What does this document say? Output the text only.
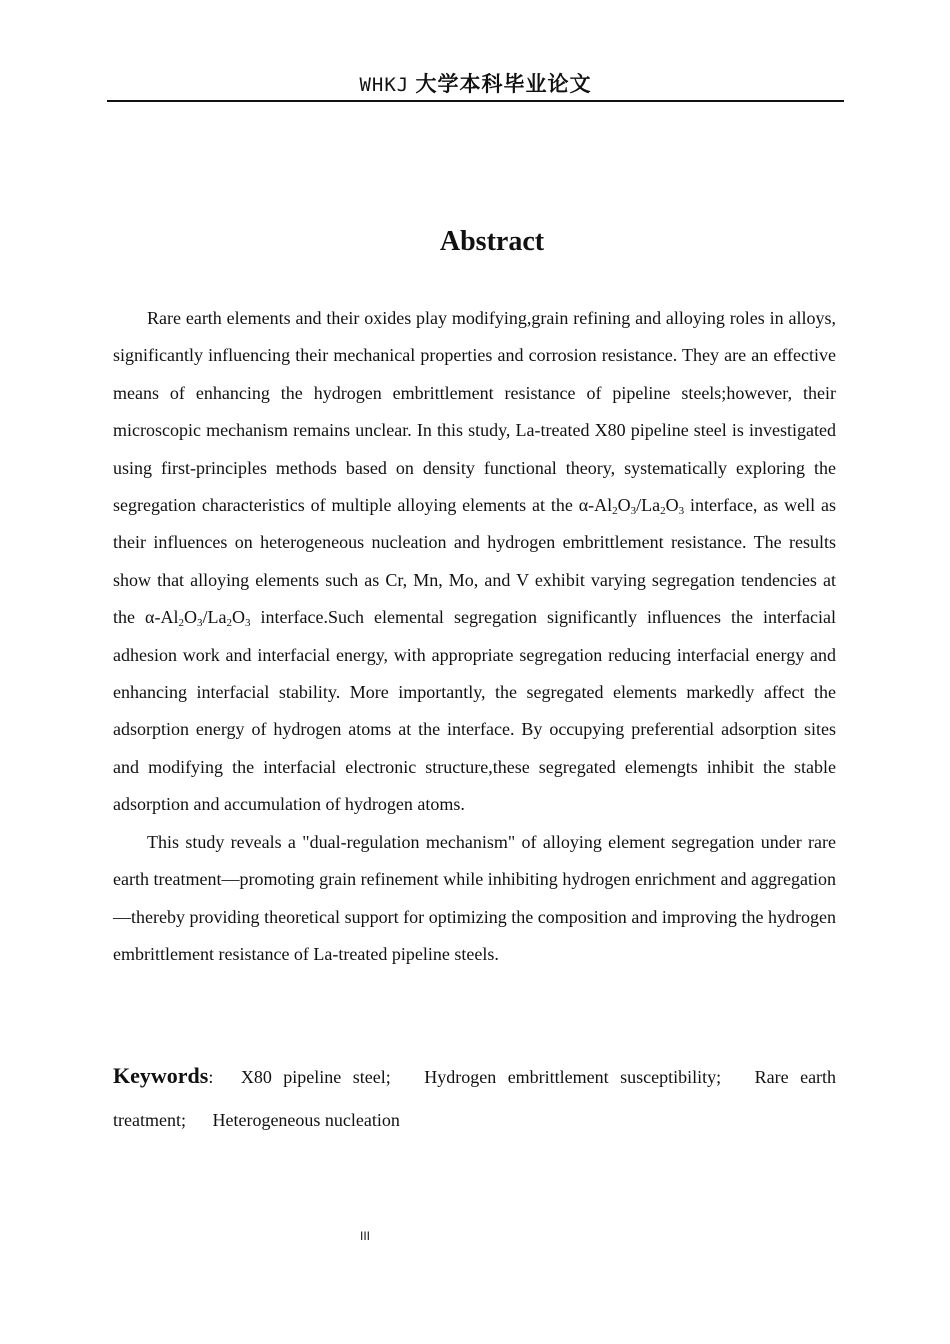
WHKJ 大学本科毕业论文
Abstract

Rare earth elements and their oxides play modifying,grain refining and alloying roles in alloys, significantly influencing their mechanical properties and corrosion resistance. They are an effective means of enhancing the hydrogen embrittlement resistance of pipeline steels;however, their microscopic mechanism remains unclear. In this study, La-treated X80 pipeline steel is investigated using first-principles methods based on density functional theory, systematically exploring the segregation characteristics of multiple alloying elements at the $\alpha-Al_2O_3/La_2O_3$ interface, as well as their influences on heterogeneous nucleation and hydrogen embrittlement resistance. The results show that alloying elements such as Cr, Mn, Mo, and V exhibit varying segregation tendencies at the $\alpha-Al_2O_3/La_2O_3$ interface.Such elemental segregation significantly influences the interfacial adhesion work and interfacial energy, with appropriate segregation reducing interfacial energy and enhancing interfacial stability. More importantly, the segregated elements markedly affect the adsorption energy of hydrogen atoms at the interface. By occupying preferential adsorption sites and modifying the interfacial electronic structure,these segregated elemengts inhibit the stable adsorption and accumulation of hydrogen atoms.

This study reveals a "dual-regulation mechanism" of alloying element segregation under rare earth treatment—promoting grain refinement while inhibiting hydrogen enrichment and aggregation—thereby providing theoretical support for optimizing the composition and improving the hydrogen embrittlement resistance of La-treated pipeline steels.

Keywords: X80 pipeline steel; Hydrogen embrittlement susceptibility; Rare earth treatment; Heterogeneous nucleation
III
